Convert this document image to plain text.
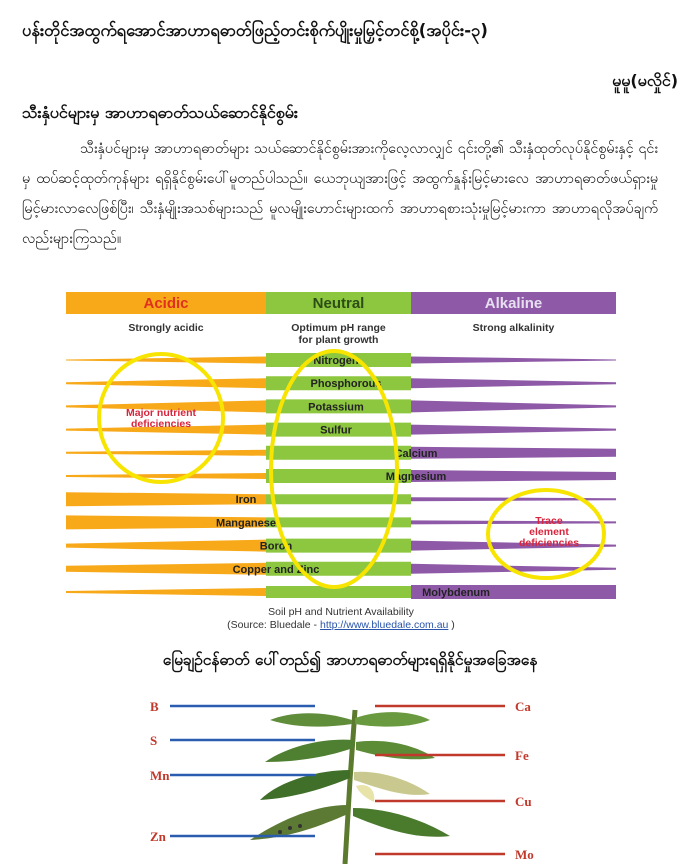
ပန်းတိုင်အထွက်ရအောင်အာဟာရဓာတ်ဖြည့်တင်းစိုက်ပျိုးမှုမြှင့်တင်စို့(အပိုင်း-၃)
မူမူ(မလှိုင်)
သီးနှံပင်များမှ အာဟာရဓာတ်သယ်ဆောင်နိုင်စွမ်း

သီးနှံပင်များမှ အာဟာရဓာတ်များ သယ်ဆောင်နိုင်စွမ်းအားကိုလေ့လာလျှင် ၎င်းတို့၏ သီးနှံထုတ်လုပ်နိုင်စွမ်းနှင့် ၎င်းမှ ထပ်ဆင့်ထုတ်ကုန်များ ရရှိနိုင်စွမ်းပေါ်မူတည်ပါသည်။ ယေဘုယျအားဖြင့် အထွက်နှုန်းမြင့်မားလေ အာဟာရဓာတ်ဖယ်ရှားမှုမြင့်မားလာလေဖြစ်ပြီး၊ သီးနှံမျိုးအသစ်များသည် မူလမျိုးဟောင်းများထက် အာဟာရစားသုံးမှုမြင့်မားကာ အာဟာရလိုအပ်ချက်လည်းများကြသည်။

Acidic
Strongly acidic
Neutral
Optimum pH range
for plant growth
Alkaline
Strong alkalinity
Nitrogen
Phosphorous
Potassium
Sulfur
Calcium
Magnesium
Iron
Manganese
Boron
Copper and Zinc
Molybdenum
Major nutrient
deficiencies
Trace
element
deficiencies
Soil pH and Nutrient Availability
(Source: Bluedale - http://www.bluedale.com.au )
မြေချဉ်ငန်ဓာတ် ပေါ်တည်၍ အာဟာရဓာတ်များရရှိနိုင်မှုအခြေအနေ
B
S
Mn
Zn
Ca
Fe
Cu
Mo
